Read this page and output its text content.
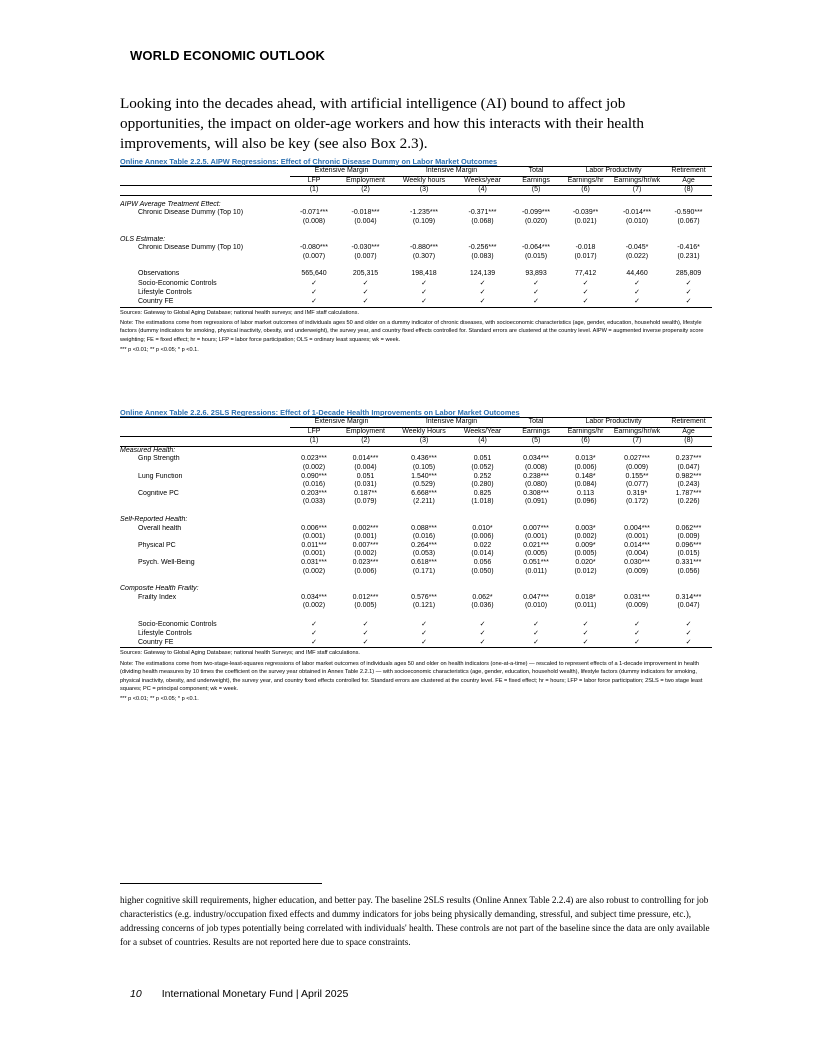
WORLD ECONOMIC OUTLOOK
Looking into the decades ahead, with artificial intelligence (AI) bound to affect job opportunities, the impact on older-age workers and how this interacts with their health improvements, will also be key (see also Box 2.3).
Online Annex Table 2.2.5. AIPW Regressions: Effect of Chronic Disease Dummy on Labor Market Outcomes
	Extensive Margin		Intensive Margin		Total	Labor Productivity		Retirement
	LFP	Employment	Weekly hours	Weeks/year	Earnings	Earnings/hr	Earnings/hr/wk	Age
	(1)	(2)	(3)	(4)	(5)	(6)	(7)	(8)

AIPW Average Treatment Effect:								
Chronic Disease Dummy (Top 10)	-0.071***	-0.018***	-1.235***	-0.371***	-0.099***	-0.039**	-0.014***	-0.590***
	(0.008)	(0.004)	(0.109)	(0.068)	(0.020)	(0.021)	(0.010)	(0.067)

OLS Estimate:								
Chronic Disease Dummy (Top 10)	-0.080***	-0.030***	-0.880***	-0.256***	-0.064***	-0.018	-0.045*	-0.416*
	(0.007)	(0.007)	(0.307)	(0.083)	(0.015)	(0.017)	(0.022)	(0.231)

Observations	565,640	205,315	198,418	124,139	93,893	77,412	44,460	285,809
Socio-Economic Controls	✓	✓	✓	✓	✓	✓	✓	✓
Lifestyle Controls	✓	✓	✓	✓	✓	✓	✓	✓
Country FE	✓	✓	✓	✓	✓	✓	✓	✓

Sources: Gateway to Global Aging Database; national health surveys; and IMF staff calculations.

Note: The estimations come from regressions of labor market outcomes of individuals ages 50 and older on a dummy indicator of chronic diseases, with socioeconomic characteristics (age, gender, education, household wealth), lifestyle factors (dummy indicators for smoking, physical inactivity, obesity, and underweight), the survey year, and country fixed effects controlled for. Standard errors are clustered at the country level. AIPW = augmented inverse propensity score weighting; FE = fixed effect; hr = hours; LFP = labor force participation; OLS = ordinary least squares; wk = week.

*** p <0.01; ** p <0.05; * p <0.1.

Online Annex Table 2.2.6. 2SLS Regressions: Effect of 1-Decade Health Improvements on Labor Market Outcomes
	Extensive Margin		Intensive Margin		Total	Labor Productivity		Retirement
	LFP	Employment	Weekly Hours	Weeks/Year	Earnings	Earnings/hr	Earnings/hr/wk	Age
	(1)	(2)	(3)	(4)	(5)	(6)	(7)	(8)
Measured Health:								
Grip Strength	0.023***	0.014***	0.436***	0.051	0.034***	0.013*	0.027***	0.237***
	(0.002)	(0.004)	(0.105)	(0.052)	(0.008)	(0.006)	(0.009)	(0.047)
Lung Function	0.090***	0.051	1.540***	0.252	0.238***	0.148*	0.155**	0.982***
	(0.016)	(0.031)	(0.529)	(0.280)	(0.080)	(0.084)	(0.077)	(0.243)
Cognitive PC	0.203***	0.187**	6.668***	0.825	0.308***	0.113	0.319*	1.787***
	(0.033)	(0.079)	(2.211)	(1.018)	(0.091)	(0.096)	(0.172)	(0.226)

Self-Reported Health:								
Overall health	0.006***	0.002***	0.088***	0.010*	0.007***	0.003*	0.004***	0.062***
	(0.001)	(0.001)	(0.016)	(0.006)	(0.001)	(0.002)	(0.001)	(0.009)
Physical PC	0.011***	0.007***	0.264***	0.022	0.021***	0.009*	0.014***	0.096***
	(0.001)	(0.002)	(0.053)	(0.014)	(0.005)	(0.005)	(0.004)	(0.015)
Psych. Well-Being	0.031***	0.023***	0.618***	0.056	0.051***	0.020*	0.030***	0.331***
	(0.002)	(0.006)	(0.171)	(0.050)	(0.011)	(0.012)	(0.009)	(0.056)

Composite Health Frailty:								
Frailty Index	0.034***	0.012***	0.576***	0.062*	0.047***	0.018*	0.031***	0.314***
	(0.002)	(0.005)	(0.121)	(0.036)	(0.010)	(0.011)	(0.009)	(0.047)

Socio-Economic Controls	✓	✓	✓	✓	✓	✓	✓	✓
Lifestyle Controls	✓	✓	✓	✓	✓	✓	✓	✓
Country FE	✓	✓	✓	✓	✓	✓	✓	✓

Sources: Gateway to Global Aging Database; national health Surveys; and IMF staff calculations.

Note: The estimations come from two-stage-least-squares regressions of labor market outcomes of individuals ages 50 and older on health indicators (one-at-a-time) — rescaled to represent effects of a 1-decade improvement in health (dividing health measures by 10 times the coefficient on the survey year obtained in Annex Table 2.2.1) — with socioeconomic characteristics (age, gender, education, household wealth), lifestyle factors (dummy indicators for smoking, physical inactivity, obesity, and underweight), the survey year, and country fixed effects controlled for. Standard errors are clustered at the country level. FE = fixed effect; hr = hours; LFP = labor force participation; 2SLS = two stage least squares; PC = principal component; wk = week.

*** p <0.01; ** p <0.05; * p <0.1.

higher cognitive skill requirements, higher education, and better pay. The baseline 2SLS results (Online Annex Table 2.2.4) are also robust to controlling for job characteristics (e.g. industry/occupation fixed effects and dummy indicators for jobs being physically demanding, stressful, and subject time pressure, etc.), addressing concerns of job types potentially being correlated with individuals' health. These controls are not part of the baseline since the data are only available for a subset of countries. Results are not reported here due to space constraints.
10 International Monetary Fund | April 2025
